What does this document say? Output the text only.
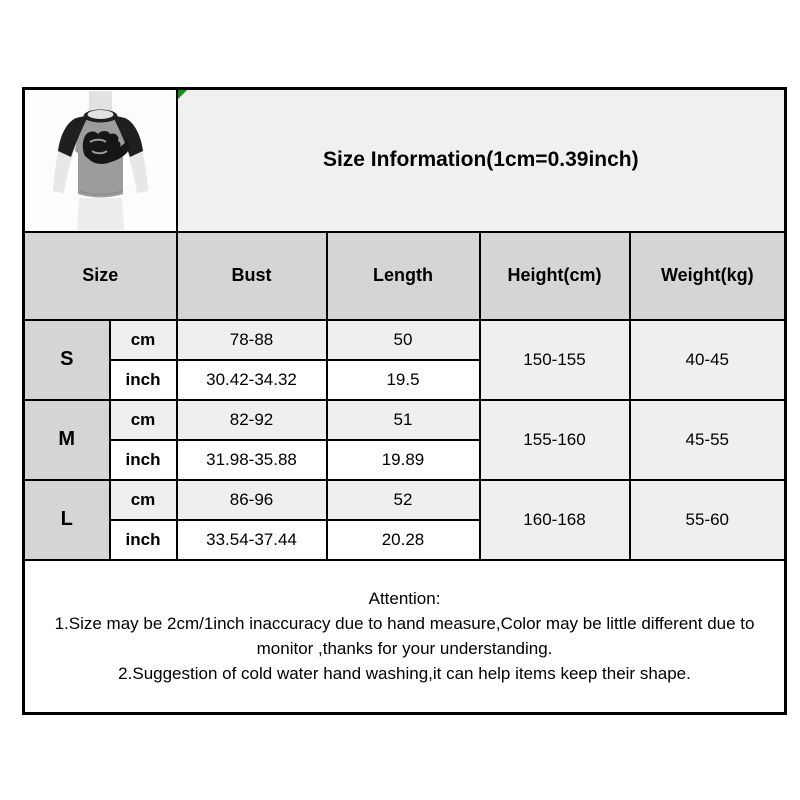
Size Information(1cm=0.39inch)			
Size		Bust	Length	Height(cm)	Weight(kg)
S	cm	78-88	50	150-155	40-45
	inch	30.42-34.32	19.5		
M	cm	82-92	51	155-160	45-55
	inch	31.98-35.88	19.89		
L	cm	86-96	52	160-168	55-60
	inch	33.54-37.44	20.28		

Attention:
1.Size may be 2cm/1inch inaccuracy due to hand measure,Color may be little different due to monitor ,thanks for your understanding.
2.Suggestion of cold water hand washing,it can help items keep their shape.					
